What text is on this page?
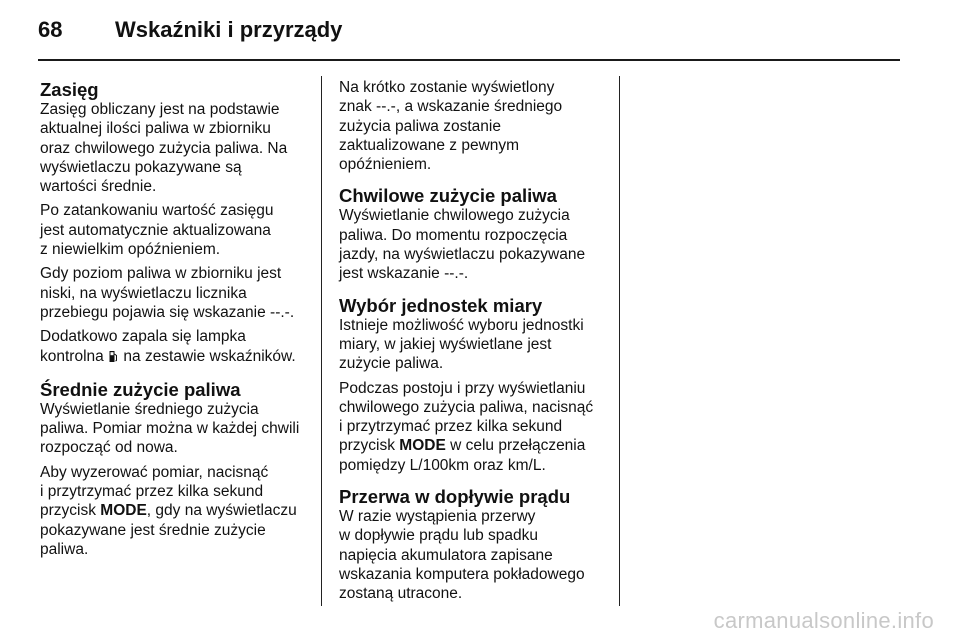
68	Wskaźniki i przyrządy
Zasięg

Zasięg obliczany jest na podstawie
aktualnej ilości paliwa w zbiorniku
oraz chwilowego zużycia paliwa. Na
wyświetlaczu pokazywane są
wartości średnie.

Po zatankowaniu wartość zasięgu
jest automatycznie aktualizowana
z niewielkim opóźnieniem.

Gdy poziom paliwa w zbiorniku jest
niski, na wyświetlaczu licznika
przebiegu pojawia się wskazanie --.-.

Dodatkowo zapala się lampka
kontrolna na zestawie wskaźników.

Średnie zużycie paliwa

Wyświetlanie średniego zużycia
paliwa. Pomiar można w każdej chwili
rozpocząć od nowa.

Aby wyzerować pomiar, nacisnąć
i przytrzymać przez kilka sekund
przycisk MODE, gdy na wyświetlaczu
pokazywane jest średnie zużycie
paliwa.

Na krótko zostanie wyświetlony
znak --.-, a wskazanie średniego
zużycia paliwa zostanie
zaktualizowane z pewnym
opóźnieniem.

Chwilowe zużycie paliwa

Wyświetlanie chwilowego zużycia
paliwa. Do momentu rozpoczęcia
jazdy, na wyświetlaczu pokazywane
jest wskazanie --.-.

Wybór jednostek miary

Istnieje możliwość wyboru jednostki
miary, w jakiej wyświetlane jest
zużycie paliwa.

Podczas postoju i przy wyświetlaniu
chwilowego zużycia paliwa, nacisnąć
i przytrzymać przez kilka sekund
przycisk MODE w celu przełączenia
pomiędzy L/100km oraz km/L.

Przerwa w dopływie prądu

W razie wystąpienia przerwy
w dopływie prądu lub spadku
napięcia akumulatora zapisane
wskazania komputera pokładowego
zostaną utracone.

carmanualsonline.info
